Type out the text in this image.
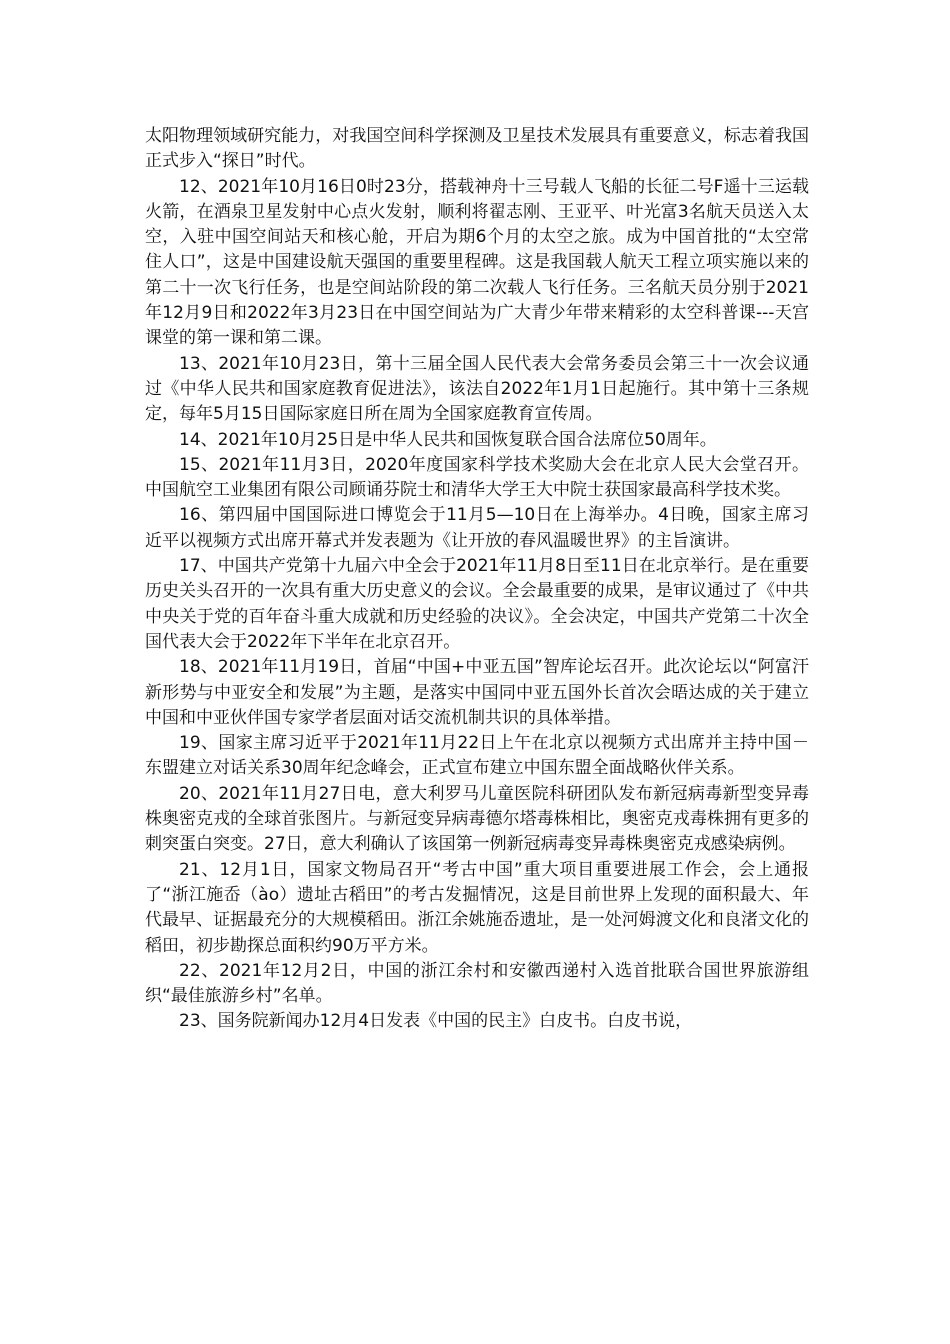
太阳物理领域研究能力，对我国空间科学探测及卫星技术发展具有重要意义，标志着我国正式步入“探日”时代。

12、2021年10月16日0时23分，搭载神舟十三号载人飞船的长征二号F遥十三运载火箭，在酒泉卫星发射中心点火发射，顺利将翟志刚、王亚平、叶光富3名航天员送入太空，入驻中国空间站天和核心舱，开启为期6个月的太空之旅。成为中国首批的“太空常住人口”，这是中国建设航天强国的重要里程碑。这是我国载人航天工程立项实施以来的第二十一次飞行任务，也是空间站阶段的第二次载人飞行任务。三名航天员分别于2021年12月9日和2022年3月23日在中国空间站为广大青少年带来精彩的太空科普课---天宫课堂的第一课和第二课。

13、2021年10月23日，第十三届全国人民代表大会常务委员会第三十一次会议通过《中华人民共和国家庭教育促进法》，该法自2022年1月1日起施行。其中第十三条规定，每年5月15日国际家庭日所在周为全国家庭教育宣传周。

14、2021年10月25日是中华人民共和国恢复联合国合法席位50周年。

15、2021年11月3日，2020年度国家科学技术奖励大会在北京人民大会堂召开。中国航空工业集团有限公司顾诵芬院士和清华大学王大中院士获国家最高科学技术奖。

16、第四届中国国际进口博览会于11月5—10日在上海举办。4日晚，国家主席习近平以视频方式出席开幕式并发表题为《让开放的春风温暖世界》的主旨演讲。

17、中国共产党第十九届六中全会于2021年11月8日至11日在北京举行。是在重要历史关头召开的一次具有重大历史意义的会议。全会最重要的成果，是审议通过了《中共中央关于党的百年奋斗重大成就和历史经验的决议》。全会决定，中国共产党第二十次全国代表大会于2022年下半年在北京召开。

18、2021年11月19日，首届“中国+中亚五国”智库论坛召开。此次论坛以“阿富汗新形势与中亚安全和发展”为主题，是落实中国同中亚五国外长首次会晤达成的关于建立中国和中亚伙伴国专家学者层面对话交流机制共识的具体举措。

19、国家主席习近平于2021年11月22日上午在北京以视频方式出席并主持中国－东盟建立对话关系30周年纪念峰会，正式宣布建立中国东盟全面战略伙伴关系。

20、2021年11月27日电，意大利罗马儿童医院科研团队发布新冠病毒新型变异毒株奥密克戎的全球首张图片。与新冠变异病毒德尔塔毒株相比，奥密克戎毒株拥有更多的刺突蛋白突变。27日，意大利确认了该国第一例新冠病毒变异毒株奥密克戎感染病例。

21、12月1日，国家文物局召开“考古中国”重大项目重要进展工作会，会上通报了“浙江施岙（ào）遗址古稻田”的考古发掘情况，这是目前世界上发现的面积最大、年代最早、证据最充分的大规模稻田。浙江余姚施岙遗址，是一处河姆渡文化和良渚文化的稻田，初步勘探总面积约90万平方米。

22、2021年12月2日，中国的浙江余村和安徽西递村入选首批联合国世界旅游组织“最佳旅游乡村”名单。

23、国务院新闻办12月4日发表《中国的民主》白皮书。白皮书说，
